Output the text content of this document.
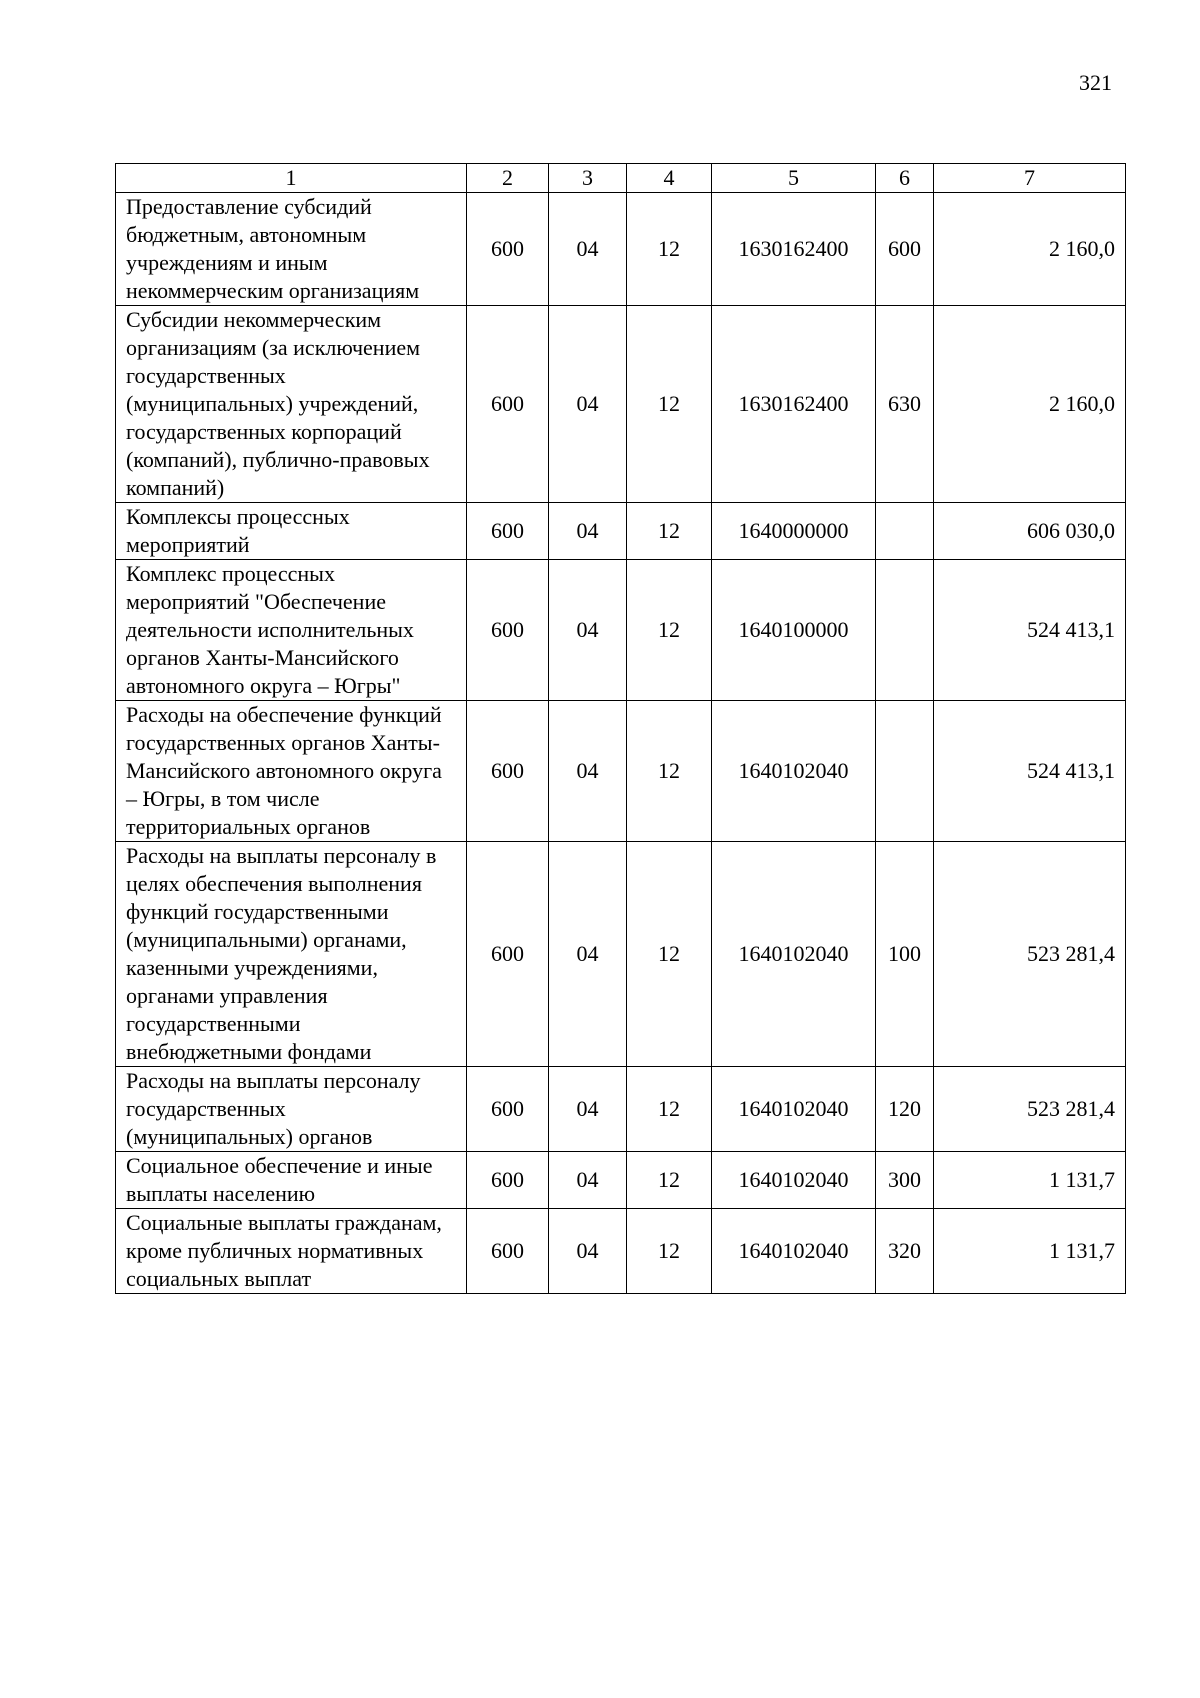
321
1	2	3	4	5	6	7
Предоставление субсидий бюджетным, автономным учреждениям и иным некоммерческим организациям	600	04	12	1630162400	600	2 160,0
Субсидии некоммерческим организациям (за исключением государственных (муниципальных) учреждений, государственных корпораций (компаний), публично-правовых компаний)	600	04	12	1630162400	630	2 160,0
Комплексы процессных мероприятий	600	04	12	1640000000		606 030,0
Комплекс процессных мероприятий "Обеспечение деятельности исполнительных органов Ханты-Мансийского автономного округа – Югры"	600	04	12	1640100000		524 413,1
Расходы на обеспечение функций государственных органов Ханты-Мансийского автономного округа – Югры, в том числе территориальных органов	600	04	12	1640102040		524 413,1
Расходы на выплаты персоналу в целях обеспечения выполнения функций государственными (муниципальными) органами, казенными учреждениями, органами управления государственными внебюджетными фондами	600	04	12	1640102040	100	523 281,4
Расходы на выплаты персоналу государственных (муниципальных) органов	600	04	12	1640102040	120	523 281,4
Социальное обеспечение и иные выплаты населению	600	04	12	1640102040	300	1 131,7
Социальные выплаты гражданам, кроме публичных нормативных социальных выплат	600	04	12	1640102040	320	1 131,7
